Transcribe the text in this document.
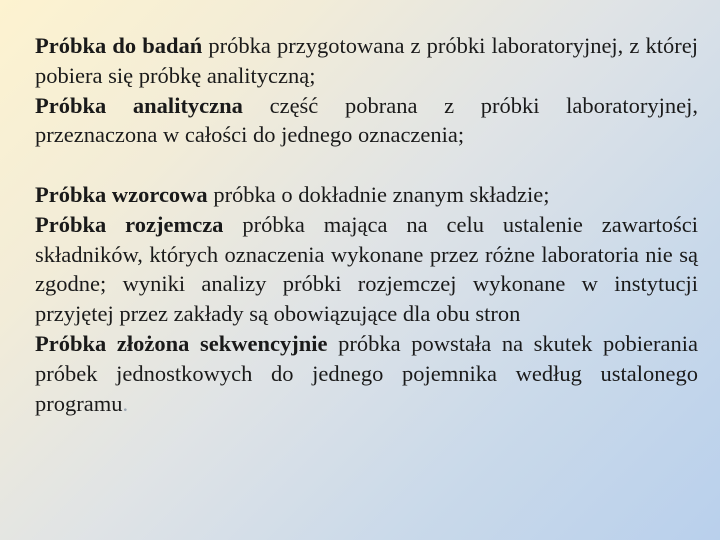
Próbka do badań próbka przygotowana z próbki laboratoryjnej, z której pobiera się próbkę analityczną;

Próbka analityczna część pobrana z próbki laboratoryjnej, przeznaczona w całości do jednego oznaczenia;

Próbka wzorcowa próbka o dokładnie znanym składzie;

Próbka rozjemcza próbka mająca na celu ustalenie zawartości składników, których oznaczenia wykonane przez różne laboratoria nie są zgodne; wyniki analizy próbki rozjemczej wykonane w instytucji przyjętej przez zakłady są obowiązujące dla obu stron

Próbka złożona sekwencyjnie próbka powstała na skutek pobierania próbek jednostkowych do jednego pojemnika według ustalonego programu.
